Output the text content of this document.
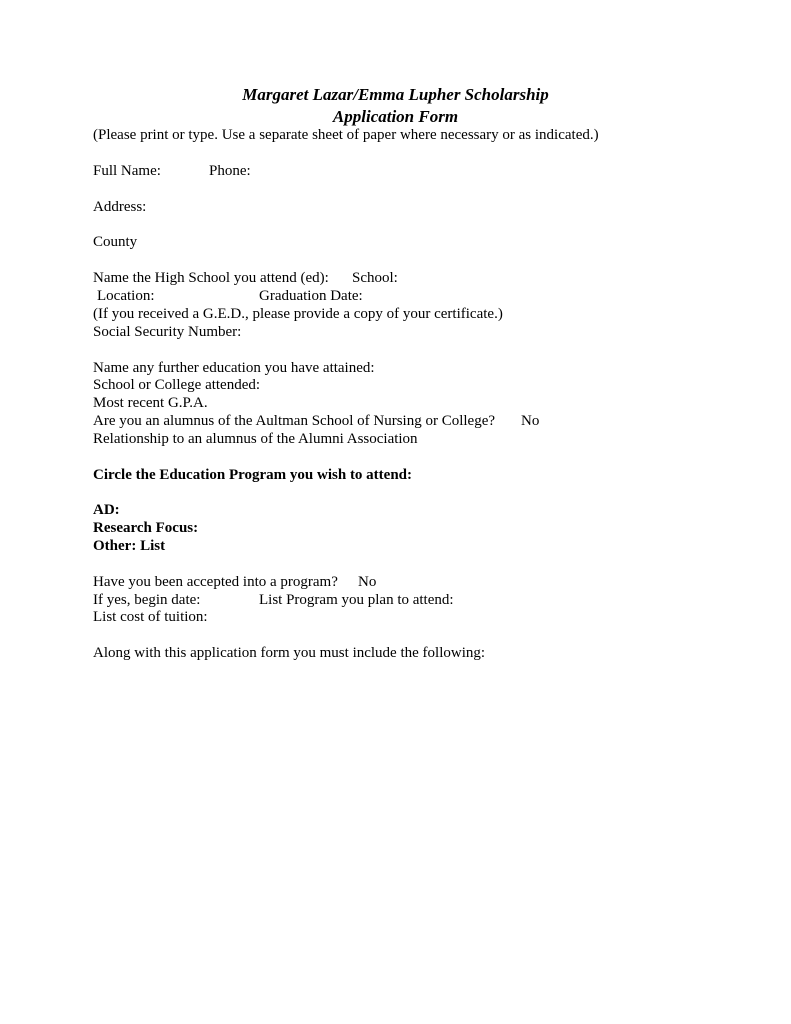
Margaret Lazar/Emma Lupher Scholarship
Application Form
(Please print or type. Use a separate sheet of paper where necessary or as indicated.)
Full Name:	Phone:
Address:
County
Name the High School you attend (ed): School:
Location:	Graduation Date:
(If you received a G.E.D., please provide a copy of your certificate.)
Social Security Number:
Name any further education you have attained:
School or College attended:
Most recent G.P.A.
Are you an alumnus of the Aultman School of Nursing or College? No
Relationship to an alumnus of the Alumni Association
Circle the Education Program you wish to attend:
AD:
Research Focus:
Other: List
Have you been accepted into a program? No
If yes, begin date:	List Program you plan to attend:
List cost of tuition:
Along with this application form you must include the following:
